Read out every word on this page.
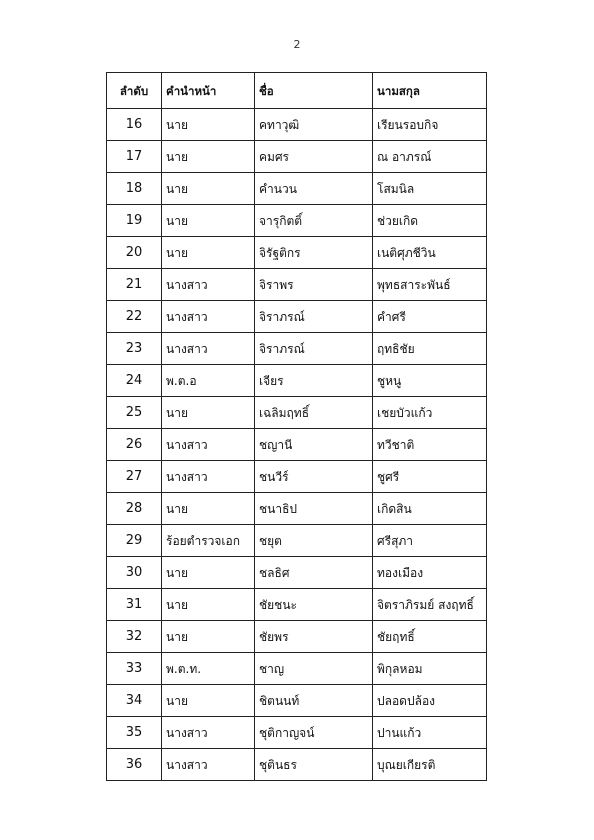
2
ลำดับ	คำนำหน้า	ชื่อ	นามสกุล
16	นาย	คทาวุฒิ	เรียนรอบกิจ
17	นาย	คมศร	ณ อาภรณ์
18	นาย	คำนวน	โสมนิล
19	นาย	จารุกิตติ์	ช่วยเกิด
20	นาย	จิรัฐติกร	เนติศุภชีวิน
21	นางสาว	จิราพร	พุทธสาระพันธ์
22	นางสาว	จิราภรณ์	คำศรี
23	นางสาว	จิราภรณ์	ฤทธิชัย
24	พ.ต.อ	เจียร	ชูหนู
25	นาย	เฉลิมฤทธิ์	เชยบัวแก้ว
26	นางสาว	ชญานี	ทวีชาติ
27	นางสาว	ชนวีร์	ชูศรี
28	นาย	ชนาธิป	เกิดสิน
29	ร้อยตำรวจเอก	ชยุต	ศรีสุภา
30	นาย	ชลธิศ	ทองเมือง
31	นาย	ชัยชนะ	จิตราภิรมย์ สงฤทธิ์
32	นาย	ชัยพร	ชัยฤทธิ์
33	พ.ต.ท.	ชาญ	พิกุลหอม
34	นาย	ชิตนนท์	ปลอดปล้อง
35	นางสาว	ชุติกาญจน์	ปานแก้ว
36	นางสาว	ชุตินธร	บุณยเกียรติ
